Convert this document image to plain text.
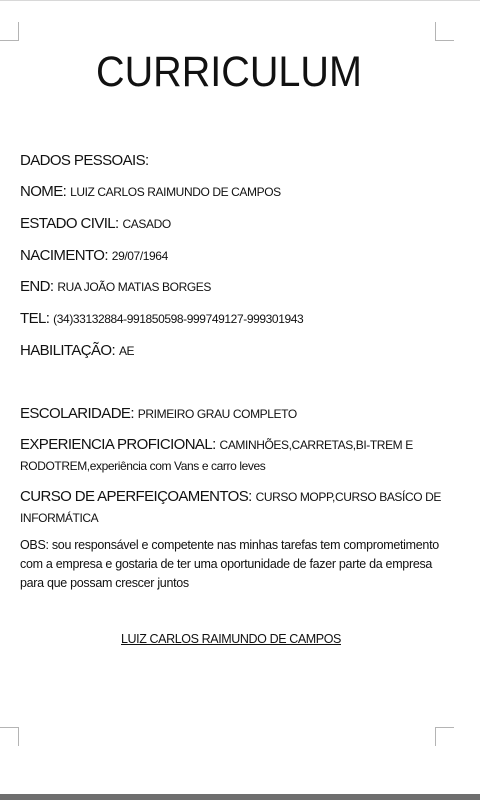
CURRICULUM
DADOS PESSOAIS:
NOME: LUIZ CARLOS RAIMUNDO DE CAMPOS
ESTADO CIVIL: CASADO
NACIMENTO: 29/07/1964
END: RUA JOÃO MATIAS BORGES
TEL: (34)33132884-991850598-999749127-999301943
HABILITAÇÃO: AE
ESCOLARIDADE: PRIMEIRO GRAU COMPLETO
EXPERIENCIA PROFICIONAL: CAMINHÕES,CARRETAS,BI-TREM E RODOTREM,experiência com Vans e carro leves
CURSO DE APERFEIÇOAMENTOS: CURSO MOPP,CURSO BASÍCO DE INFORMÁTICA
OBS: sou responsável e competente nas minhas tarefas tem comprometimento com a empresa e gostaria de ter uma oportunidade de fazer parte da empresa para que possam crescer juntos
LUIZ CARLOS RAIMUNDO DE CAMPOS
